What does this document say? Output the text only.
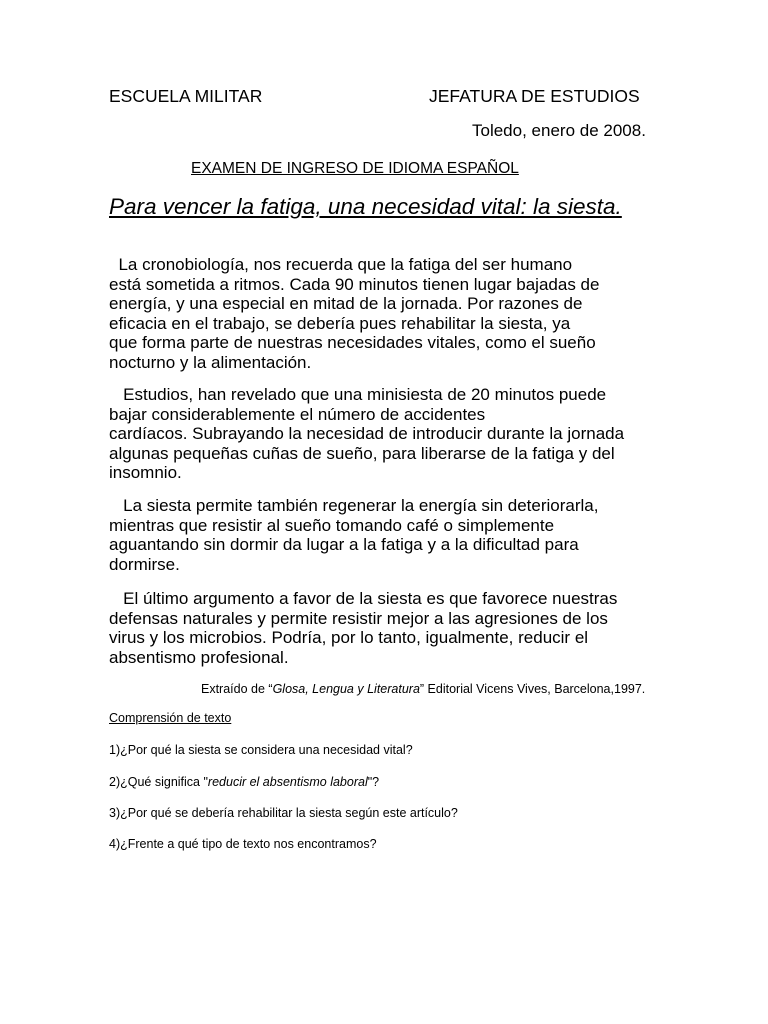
ESCUELA MILITAR	JEFATURA DE ESTUDIOS
Toledo, enero de 2008.
EXAMEN DE INGRESO DE IDIOMA ESPAÑOL
Para vencer la fatiga, una necesidad vital: la siesta.
La cronobiología, nos recuerda que la fatiga del ser humano
está sometida a ritmos. Cada 90 minutos tienen lugar bajadas de
energía, y una especial en mitad de la jornada. Por razones de
eficacia en el trabajo, se debería pues rehabilitar la siesta, ya
que forma parte de nuestras necesidades vitales, como el sueño
nocturno y la alimentación.
Estudios, han revelado que una minisiesta de 20 minutos puede
bajar considerablemente el número de accidentes
cardíacos. Subrayando la necesidad de introducir durante la jornada
algunas pequeñas cuñas de sueño, para liberarse de la fatiga y del
insomnio.
La siesta permite también regenerar la energía sin deteriorarla,
mientras que resistir al sueño tomando café o simplemente
aguantando sin dormir da lugar a la fatiga y a la dificultad para
dormirse.
El último argumento a favor de la siesta es que favorece nuestras
defensas naturales y permite resistir mejor a las agresiones de los
virus y los microbios. Podría, por lo tanto, igualmente, reducir el
absentismo profesional.
Extraído de “Glosa, Lengua y Literatura” Editorial Vicens Vives, Barcelona,1997.
Comprensión de texto
1)¿Por qué la siesta se considera una necesidad vital?
2)¿Qué significa "reducir el absentismo laboral"?
3)¿Por qué se debería rehabilitar la siesta según este artículo?
4)¿Frente a qué tipo de texto nos encontramos?
